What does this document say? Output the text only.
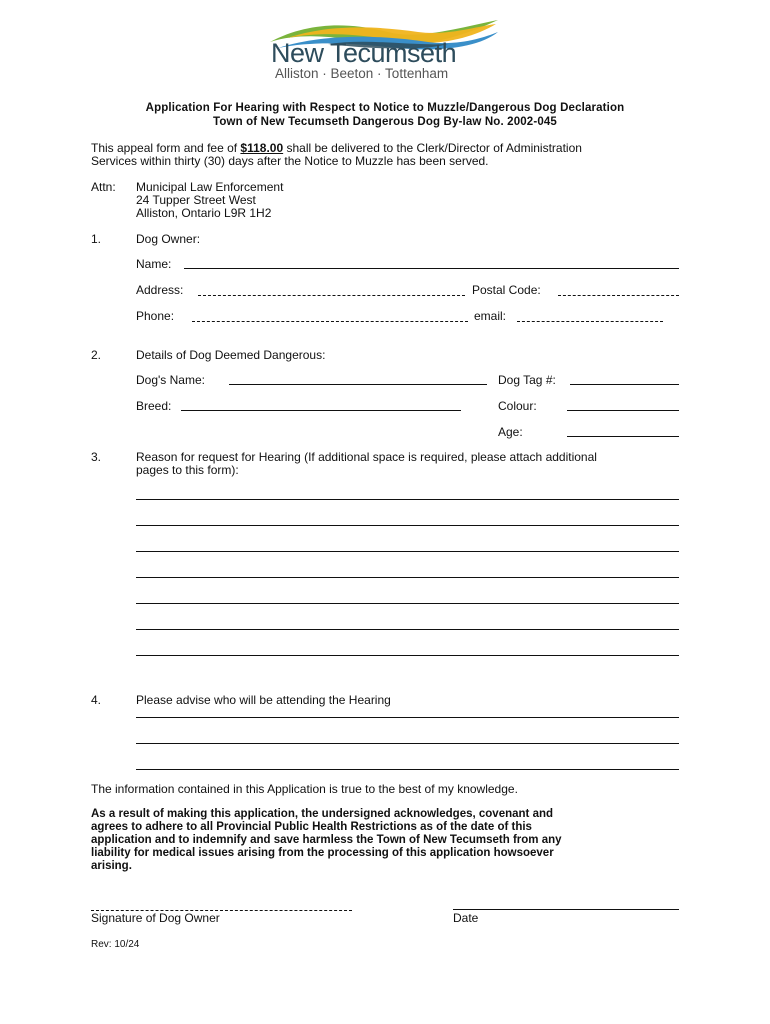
New Tecumseth
Alliston · Beeton · Tottenham
Application For Hearing with Respect to Notice to Muzzle/Dangerous Dog Declaration
Town of New Tecumseth Dangerous Dog By-law No. 2002-045
This appeal form and fee of $118.00 shall be delivered to the Clerk/Director of Administration
Services within thirty (30) days after the Notice to Muzzle has been served.
Attn: Municipal Law Enforcement
24 Tupper Street West
Alliston, Ontario L9R 1H2
1.	Dog Owner:
Name:
Address:	Postal Code:
Phone:	email:
2.	Details of Dog Deemed Dangerous:
Dog's Name:	Dog Tag #:
Breed:	Colour:
Age:
3.	Reason for request for Hearing (If additional space is required, please attach additional
pages to this form):
4.	Please advise who will be attending the Hearing
The information contained in this Application is true to the best of my knowledge.
As a result of making this application, the undersigned acknowledges, covenant and
agrees to adhere to all Provincial Public Health Restrictions as of the date of this
application and to indemnify and save harmless the Town of New Tecumseth from any
liability for medical issues arising from the processing of this application howsoever
arising.
Signature of Dog Owner	Date
Rev: 10/24
